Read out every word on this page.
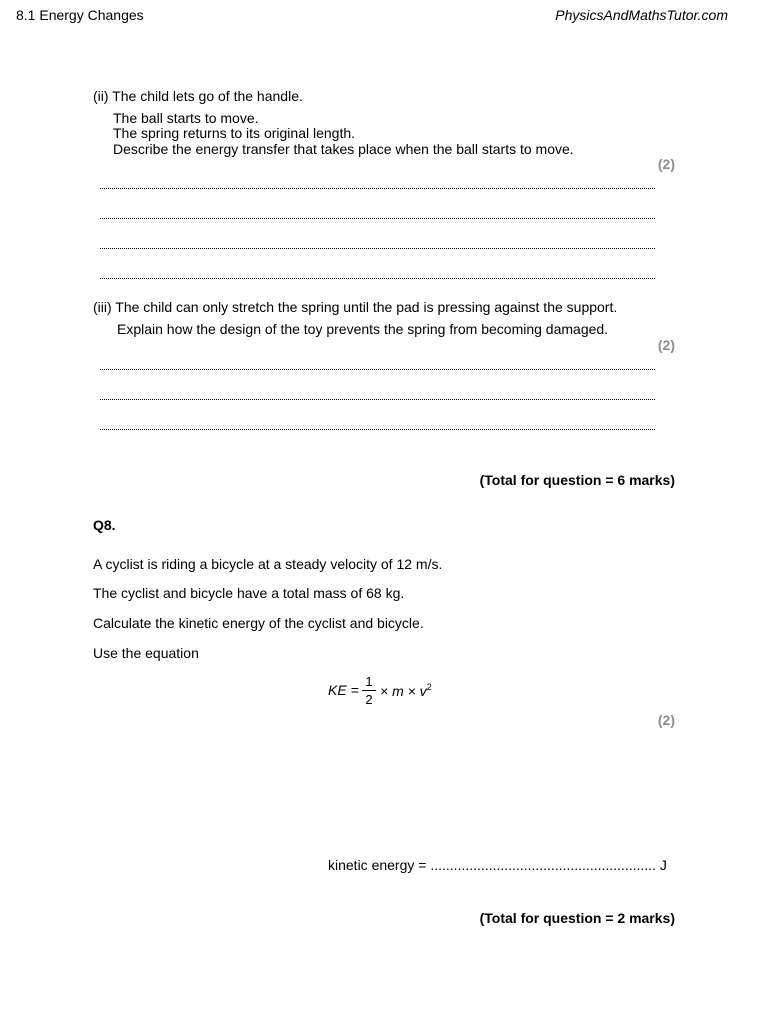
8.1 Energy Changes	PhysicsAndMathsTutor.com
(ii) The child lets go of the handle.
The ball starts to move.
The spring returns to its original length.
Describe the energy transfer that takes place when the ball starts to move.
(2)
(iii) The child can only stretch the spring until the pad is pressing against the support.
Explain how the design of the toy prevents the spring from becoming damaged.
(2)
(Total for question = 6 marks)
Q8.
A cyclist is riding a bicycle at a steady velocity of 12 m/s.
The cyclist and bicycle have a total mass of 68 kg.
Calculate the kinetic energy of the cyclist and bicycle.
Use the equation
KE = × $m \times v^2$
1
2
(2)
kinetic energy = .......................................................... J
(Total for question = 2 marks)
